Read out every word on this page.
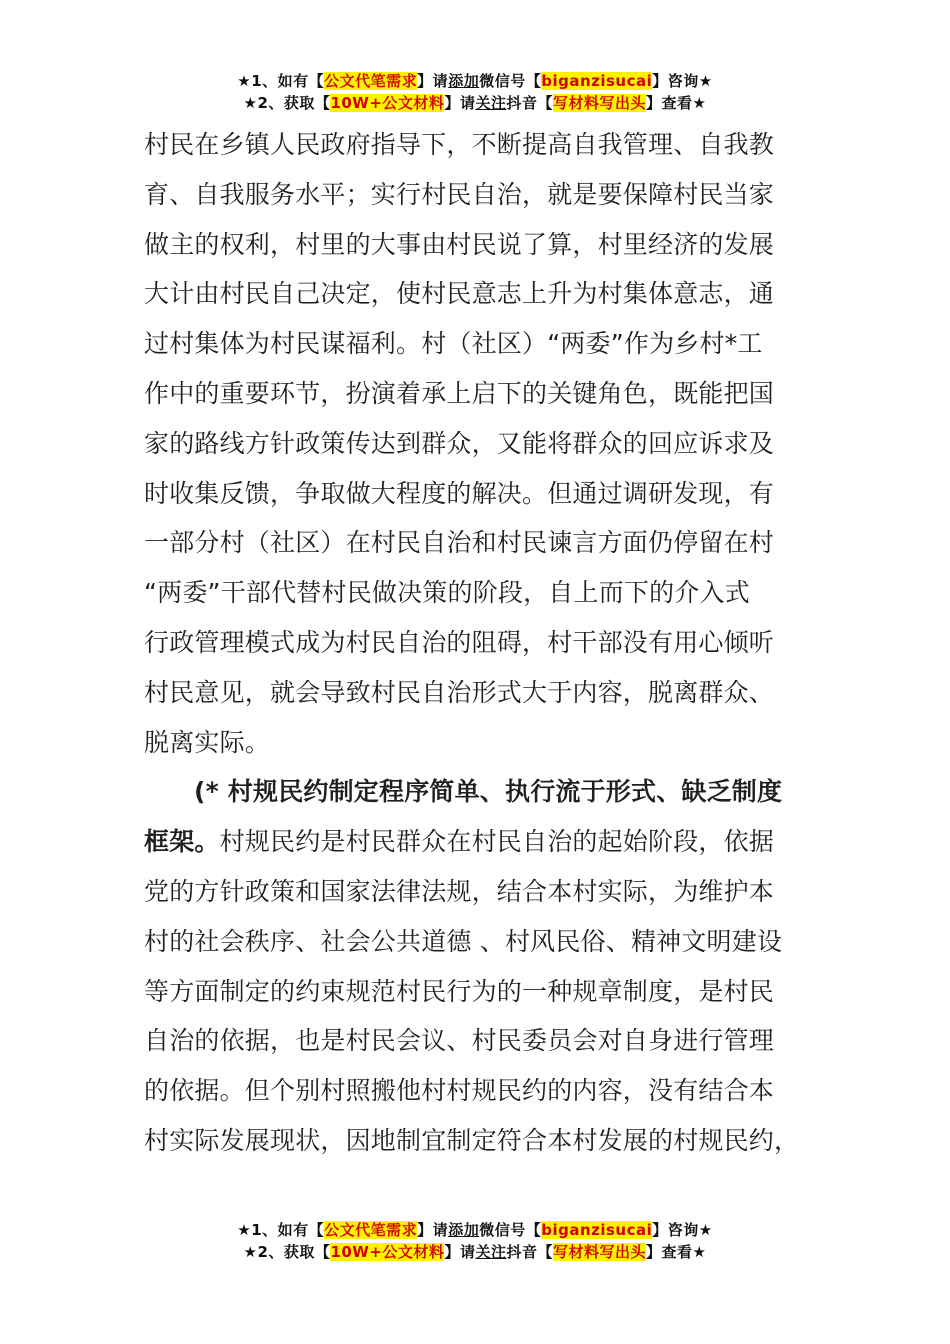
★1、如有【公文代笔需求】请添加微信号【biganzisucai】咨询★
★2、获取【10W+公文材料】请关注抖音【写材料写出头】查看★
村民在乡镇人民政府指导下，不断提高自我管理、自我教
育、自我服务水平；实行村民自治，就是要保障村民当家
做主的权利，村里的大事由村民说了算，村里经济的发展
大计由村民自己决定，使村民意志上升为村集体意志，通
过村集体为村民谋福利。村（社区）“两委”作为乡村*工
作中的重要环节，扮演着承上启下的关键角色，既能把国
家的路线方针政策传达到群众，又能将群众的回应诉求及
时收集反馈，争取做大程度的解决。但通过调研发现，有
一部分村（社区）在村民自治和村民谏言方面仍停留在村
“两委”干部代替村民做决策的阶段，自上而下的介入式
行政管理模式成为村民自治的阻碍，村干部没有用心倾听
村民意见，就会导致村民自治形式大于内容，脱离群众、
脱离实际。
(* 村规民约制定程序简单、执行流于形式、缺乏制度
框架。村规民约是村民群众在村民自治的起始阶段，依据
党的方针政策和国家法律法规，结合本村实际，为维护本
村的社会秩序、社会公共道德 、村风民俗、精神文明建设
等方面制定的约束规范村民行为的一种规章制度，是村民
自治的依据，也是村民会议、村民委员会对自身进行管理
的依据。但个别村照搬他村村规民约的内容，没有结合本
村实际发展现状，因地制宜制定符合本村发展的村规民约，
★1、如有【公文代笔需求】请添加微信号【biganzisucai】咨询★
★2、获取【10W+公文材料】请关注抖音【写材料写出头】查看★
